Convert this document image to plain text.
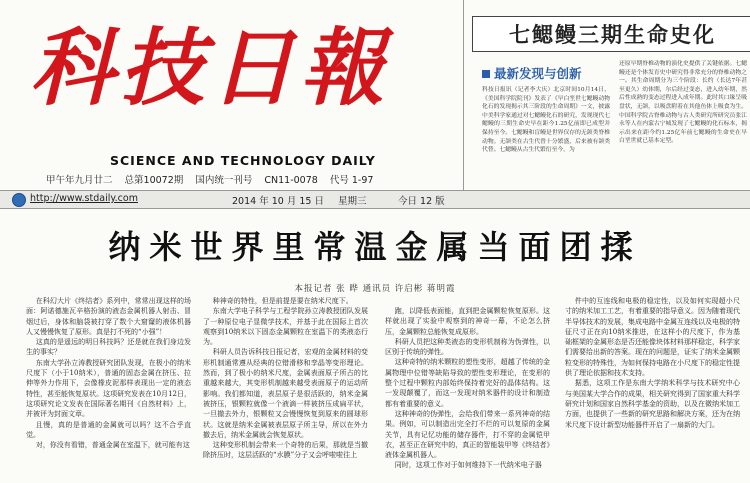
科技日報
SCIENCE AND TECHNOLOGY DAILY
甲午年九月廿二 总第10072期 国内统一刊号 CN11-0078 代号 1-97
七鳃鳗三期生命史化
最新发现与创新
科技日报讯（记者李大庆）北京时间10月14日，《美国科学院院刊》发表了《早白垩世七鳃鳗动物化石的发现揭示其三阶段的生命周期》一文，披露中美科学家通过对七鳃鳗化石的研究，发现现代七鳃鳗的三期生命史早在距今1.25亿前即已成型并保持至今。七鳃鳗和盲鳗是世界仅存的无颌类脊椎动物。无颌类在古生代曾十分繁盛，后来被有颌类代替。七鳃鳗从古生代繁衍至今，为
还原早期脊椎动物的演化史提供了关键依据。七鳃鳗还是个体发育史中研究得非常充分的脊椎动物之一。其生命周期分为三个阶段：长约（长达7年甚至更久）幼体期，尔后经过变态，进入幼年期，然后性成熟的变态过程进入成年期。此时其口缘呈吸盘状，无颌，以吸盘附着在其他鱼体上吸食为生。中国科学院古脊椎动物与古人类研究所研究员张江永等人在内蒙古宁城发现了七鳃鳗的化石标本，揭示出来在距今约1.25亿年前七鳃鳗的生命史在早白垩世就已基本定型。
http://www.stdaily.com	2014 年 10 月 15 日 星期三	今日 12 版
纳米世界里常温金属当面团揉
本报记者 张 晔 通讯员 许启彬 蒋明霞

在科幻大片《终结者》系列中，常常出现这样的场面：阿诺德施瓦辛格扮演的液态金属机器人射击、冒烟过后，身体和脑袋被打穿了数个大窟窿的液体机器人又慢慢恢复了原形。真是打不死的“小强”！

这真的是遥远的明日科技吗？还是就在我们身边发生的事实？

东南大学孙立涛教授研究团队发现，在极小的纳米尺度下（小于10纳米），普通的固态金属在挤压、拉伸等外力作用下，会像橡皮泥那样表现出一定的液态特性，甚至能恢复原状。这项研究发表在10月12日，这项研究论文发表在国际著名期刊《自然材料》上，并被评为封面文章。

且慢，真的是普通的金属就可以吗？这不合乎直觉。

对，你没有看错，普通金属在室温下，就可能有这

种神奇的特性，但是前提是要在纳米尺度下。

东南大学电子科学与工程学院孙立涛教授团队发展了一种原位电子显微学技术，并基于此在国际上首次观察到10纳米以下固态金属颗粒在室温下的类液态行为。

科研人员告诉科技日报记者，宏观的金属材料的变形机制通常遵从经典的位错滑移和孪晶等变形理论。然而，到了极小的纳米尺度，金属表面原子所占的比重越来越大，其变形机制越来越受表面原子的运动所影响。我们都知道，表层原子是很活跃的，纳米金属被挤压，银颗粒就像一个液滴一样被挤压成扁平状，一旦撤去外力，银颗粒又会慢慢恢复到原来的圆球形状。这就是纳米金属被表层原子所主导，所以在外力撤去后，纳米金属就会恢复原状。

这种变形机制会带来一个奇特的后果，那就是当撤除挤压时，这层活跃的“水膜”分子又会呼啦啦往上

跑，以降低表面能，直到把金属颗粒恢复原形。这样就出现了实验中观察到的神奇一幕，不论怎么挤压，金属颗粒总能恢复成原形。

科研人员把这种类液态的变形机制称为伪弹性，以区别于传统的弹性。

这种奇特的纳米颗粒的塑性变形，超越了传统的金属物理中位错等缺陷导致的塑性变形理论，在变形的整个过程中颗粒内部始终保持着完好的晶体结构。这一发现颠覆了，而这一发现对纳米器件的设计和制造都有着重要的意义。

这种神奇的伪弹性，会给我们带来一系列神奇的结果。例如，可以制造出完全打不烂的可以复原的金属关节，具有记忆功能的储存器件，打不穿的金属铠甲衣，甚至正在研究中的，真正的智能装甲等《终结者》液体金属机器人。

同时，这项工作对于如何维持下一代纳米电子器

件中的互连线和电极的稳定性，以及如何实现超小尺寸的纳米加工工艺，有着重要的指导意义。因为随着现代半导体技术的发展，集成电路中金属互连线以及电极的特征尺寸正在向10纳米推进，在这样小的尺度下，作为基础框架的金属形态是否还能像块体材料那样稳定，科学家们需要给出新的答案。现在的问题是，证实了纳米金属颗粒变形的特殊性，为如何保持电路在小尺度下的稳定性提供了理论依据和技术支持。

据悉，这项工作是东南大学纳米科学与技术研究中心与美国某大学合作的成果，相关研究得到了国家重大科学研究计划和国家自然科学基金的资助，以及在微纳米加工方面，也提供了一些新的研究思路和解决方案，还为在纳米尺度下设计新型功能器件开启了一扇新的大门。
